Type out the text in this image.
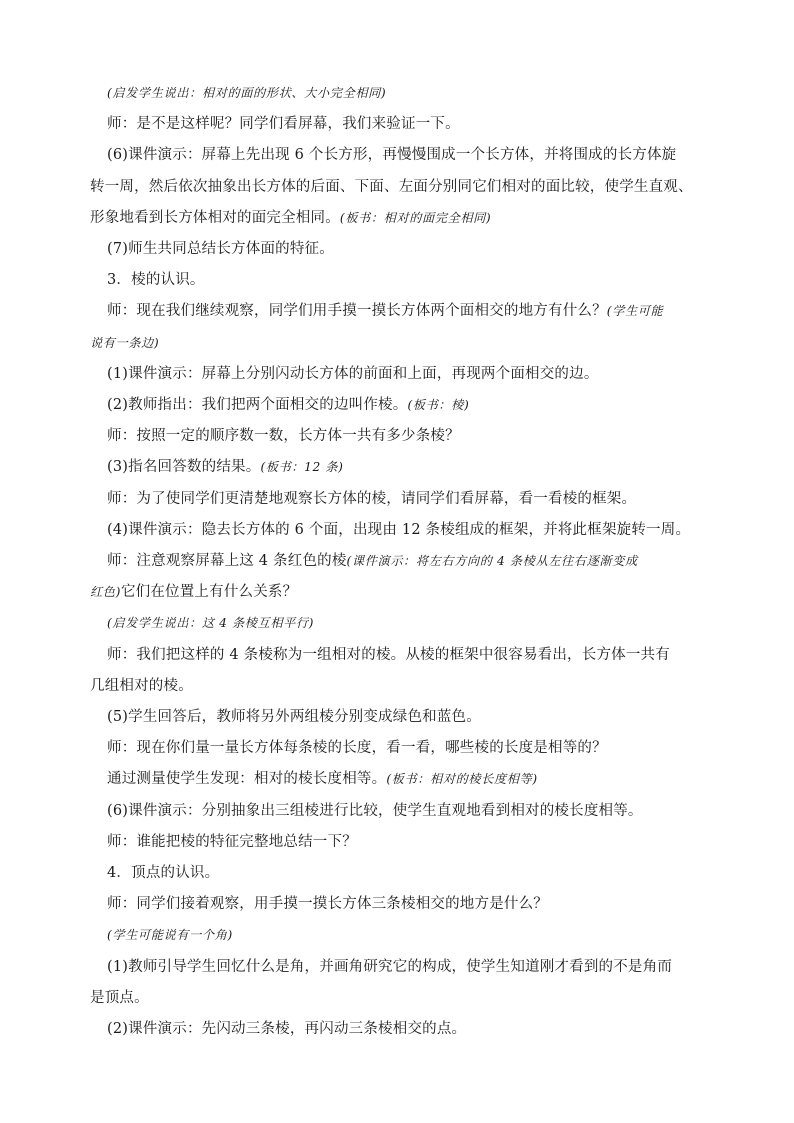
(启发学生说出：相对的面的形状、大小完全相同)

师：是不是这样呢？同学们看屏幕，我们来验证一下。

(6)课件演示：屏幕上先出现 6 个长方形，再慢慢围成一个长方体，并将围成的长方体旋

转一周，然后依次抽象出长方体的后面、下面、左面分别同它们相对的面比较，使学生直观、

形象地看到长方体相对的面完全相同。(板书：相对的面完全相同)

(7)师生共同总结长方体面的特征。

3．棱的认识。

师：现在我们继续观察，同学们用手摸一摸长方体两个面相交的地方有什么？(学生可能

说有一条边)

(1)课件演示：屏幕上分别闪动长方体的前面和上面，再现两个面相交的边。

(2)教师指出：我们把两个面相交的边叫作棱。(板书：棱)

师：按照一定的顺序数一数，长方体一共有多少条棱？

(3)指名回答数的结果。(板书：12 条)

师：为了使同学们更清楚地观察长方体的棱，请同学们看屏幕，看一看棱的框架。

(4)课件演示：隐去长方体的 6 个面，出现由 12 条棱组成的框架，并将此框架旋转一周。

师：注意观察屏幕上这 4 条红色的棱(课件演示：将左右方向的 4 条棱从左往右逐渐变成

红色)它们在位置上有什么关系？

(启发学生说出：这 4 条棱互相平行)

师：我们把这样的 4 条棱称为一组相对的棱。从棱的框架中很容易看出，长方体一共有

几组相对的棱。

(5)学生回答后，教师将另外两组棱分别变成绿色和蓝色。

师：现在你们量一量长方体每条棱的长度，看一看，哪些棱的长度是相等的？

通过测量使学生发现：相对的棱长度相等。(板书：相对的棱长度相等)

(6)课件演示：分别抽象出三组棱进行比较，使学生直观地看到相对的棱长度相等。

师：谁能把棱的特征完整地总结一下？

4．顶点的认识。

师：同学们接着观察，用手摸一摸长方体三条棱相交的地方是什么？

(学生可能说有一个角)

(1)教师引导学生回忆什么是角，并画角研究它的构成，使学生知道刚才看到的不是角而

是顶点。

(2)课件演示：先闪动三条棱，再闪动三条棱相交的点。
